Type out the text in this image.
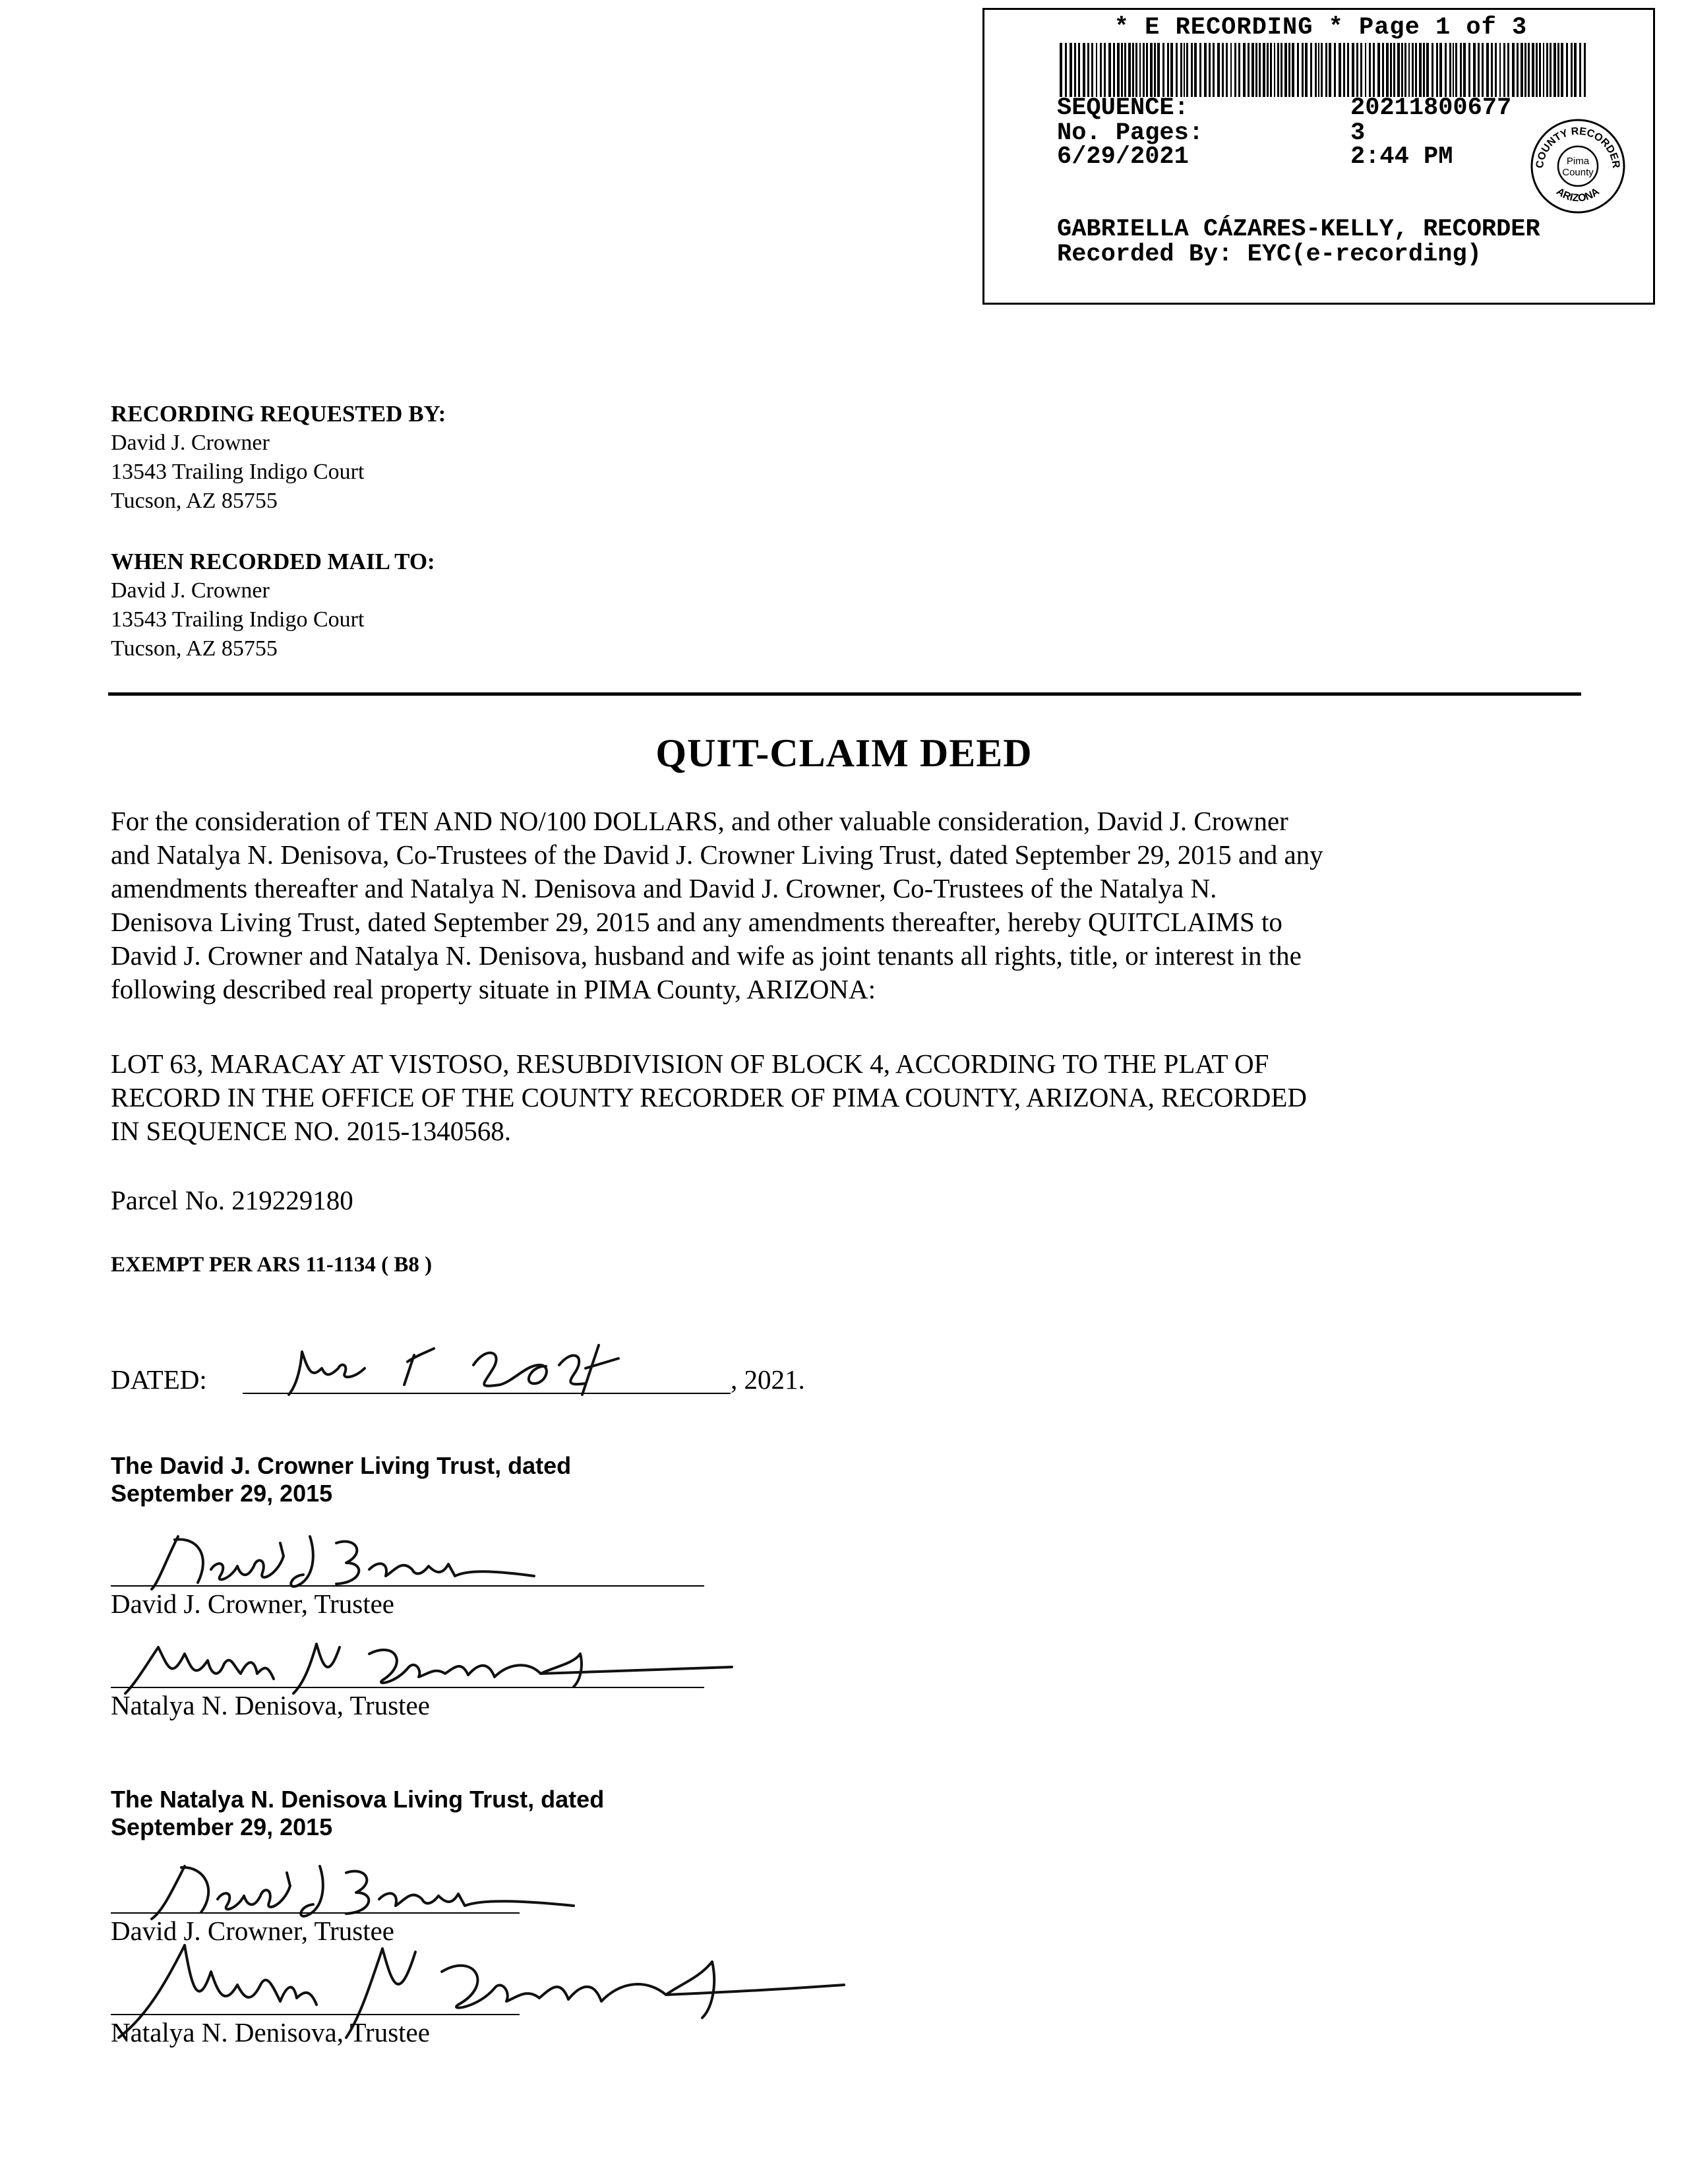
* E RECORDING * Page 1 of 3
SEQUENCE:	20211800677
No. Pages:	3
6/29/2021	2:44 PM	Pima
County
COUNTY RECORDER
ARIZONA
GABRIELLA CÁZARES-KELLY, RECORDER
Recorded By: EYC(e-recording)
RECORDING REQUESTED BY:
David J. Crowner
13543 Trailing Indigo Court
Tucson, AZ 85755
WHEN RECORDED MAIL TO:
David J. Crowner
13543 Trailing Indigo Court
Tucson, AZ 85755
QUIT-CLAIM DEED
For the consideration of TEN AND NO/100 DOLLARS, and other valuable consideration, David J. Crowner
and Natalya N. Denisova, Co-Trustees of the David J. Crowner Living Trust, dated September 29, 2015 and any
amendments thereafter and Natalya N. Denisova and David J. Crowner, Co-Trustees of the Natalya N.
Denisova Living Trust, dated September 29, 2015 and any amendments thereafter, hereby QUITCLAIMS to
David J. Crowner and Natalya N. Denisova, husband and wife as joint tenants all rights, title, or interest in the
following described real property situate in PIMA County, ARIZONA:
LOT 63, MARACAY AT VISTOSO, RESUBDIVISION OF BLOCK 4, ACCORDING TO THE PLAT OF
RECORD IN THE OFFICE OF THE COUNTY RECORDER OF PIMA COUNTY, ARIZONA, RECORDED
IN SEQUENCE NO. 2015-1340568.
Parcel No. 219229180
EXEMPT PER ARS 11-1134 ( B8 )
DATED:	, 2021.
The David J. Crowner Living Trust, dated
September 29, 2015
David J. Crowner, Trustee
Natalya N. Denisova, Trustee
The Natalya N. Denisova Living Trust, dated
September 29, 2015
David J. Crowner, Trustee
Natalya N. Denisova, Trustee
